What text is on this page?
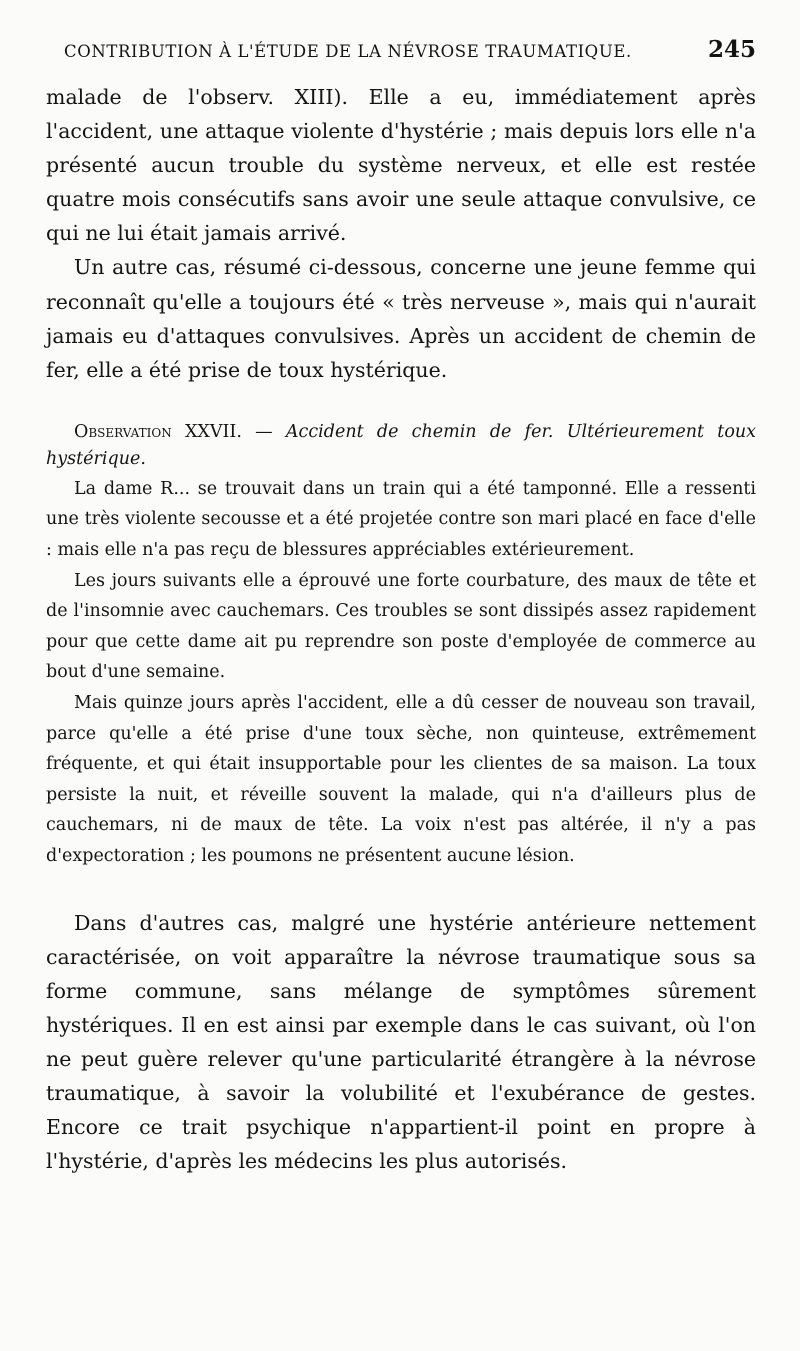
CONTRIBUTION À L'ÉTUDE DE LA NÉVROSE TRAUMATIQUE.	245

malade de l'observ. XIII). Elle a eu, immédiatement après l'accident, une attaque violente d'hystérie ; mais depuis lors elle n'a présenté aucun trouble du système nerveux, et elle est restée quatre mois consécutifs sans avoir une seule attaque convulsive, ce qui ne lui était jamais arrivé.

Un autre cas, résumé ci-dessous, concerne une jeune femme qui reconnaît qu'elle a toujours été « très nerveuse », mais qui n'aurait jamais eu d'attaques convulsives. Après un accident de chemin de fer, elle a été prise de toux hystérique.

Observation XXVII. — Accident de chemin de fer. Ultérieurement toux hystérique.

La dame R... se trouvait dans un train qui a été tamponné. Elle a ressenti une très violente secousse et a été projetée contre son mari placé en face d'elle : mais elle n'a pas reçu de blessures appréciables extérieurement.

Les jours suivants elle a éprouvé une forte courbature, des maux de tête et de l'insomnie avec cauchemars. Ces troubles se sont dissipés assez rapidement pour que cette dame ait pu reprendre son poste d'employée de commerce au bout d'une semaine.

Mais quinze jours après l'accident, elle a dû cesser de nouveau son travail, parce qu'elle a été prise d'une toux sèche, non quinteuse, extrêmement fréquente, et qui était insupportable pour les clientes de sa maison. La toux persiste la nuit, et réveille souvent la malade, qui n'a d'ailleurs plus de cauchemars, ni de maux de tête. La voix n'est pas altérée, il n'y a pas d'expectoration ; les poumons ne présentent aucune lésion.

Dans d'autres cas, malgré une hystérie antérieure nettement caractérisée, on voit apparaître la névrose traumatique sous sa forme commune, sans mélange de symptômes sûrement hystériques. Il en est ainsi par exemple dans le cas suivant, où l'on ne peut guère relever qu'une particularité étrangère à la névrose traumatique, à savoir la volubilité et l'exubérance de gestes. Encore ce trait psychique n'appartient-il point en propre à l'hystérie, d'après les médecins les plus autorisés.
